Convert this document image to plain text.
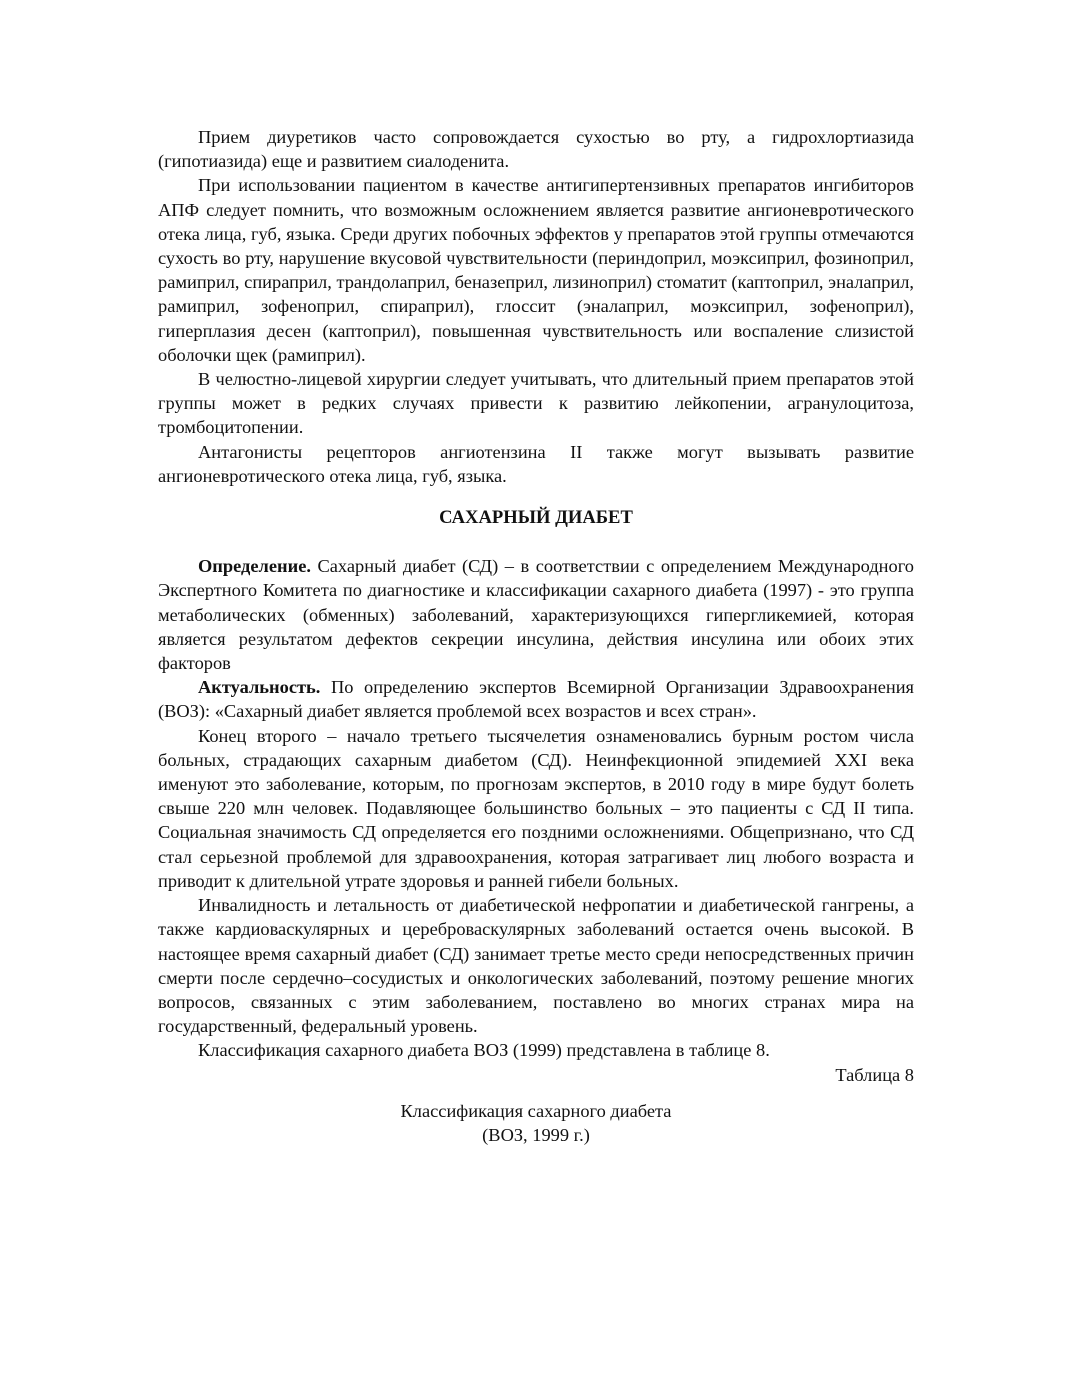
Прием диуретиков часто сопровождается сухостью во рту, а гидрохлортиазида (гипотиазида) еще и развитием сиалоденита.

При использовании пациентом в качестве антигипертензивных препаратов ингибиторов АПФ следует помнить, что возможным осложнением является развитие ангионевротического отека лица, губ, языка. Среди других побочных эффектов у препаратов этой группы отмечаются сухость во рту, нарушение вкусовой чувствительности (периндоприл, моэксиприл, фозиноприл, рамиприл, спираприл, трандолаприл, беназеприл, лизиноприл) стоматит (каптоприл, эналаприл, рамиприл, зофеноприл, спираприл), глоссит (эналаприл, моэксиприл, зофеноприл), гиперплазия десен (каптоприл), повышенная чувствительность или воспаление слизистой оболочки щек (рамиприл).

В челюстно-лицевой хирургии следует учитывать, что длительный прием препаратов этой группы может в редких случаях привести к развитию лейкопении, агранулоцитоза, тромбоцитопении.

Антагонисты рецепторов ангиотензина II также могут вызывать развитие ангионевротического отека лица, губ, языка.

САХАРНЫЙ ДИАБЕТ

Определение. Сахарный диабет (СД) – в соответствии с определением Международного Экспертного Комитета по диагностике и классификации сахарного диабета (1997) - это группа метаболических (обменных) заболеваний, характеризующихся гипергликемией, которая является результатом дефектов секреции инсулина, действия инсулина или обоих этих факторов

Актуальность. По определению экспертов Всемирной Организации Здравоохранения (ВОЗ): «Сахарный диабет является проблемой всех возрастов и всех стран».

Конец второго – начало третьего тысячелетия ознаменовались бурным ростом числа больных, страдающих сахарным диабетом (СД). Неинфекционной эпидемией XXI века именуют это заболевание, которым, по прогнозам экспертов, в 2010 году в мире будут болеть свыше 220 млн человек. Подавляющее большинство больных – это пациенты с СД II типа. Социальная значимость СД определяется его поздними осложнениями. Общепризнано, что СД стал серьезной проблемой для здравоохранения, которая затрагивает лиц любого возраста и приводит к длительной утрате здоровья и ранней гибели больных.

Инвалидность и летальность от диабетической нефропатии и диабетической гангрены, а также кардиоваскулярных и цереброваскулярных заболеваний остается очень высокой. В настоящее время сахарный диабет (СД) занимает третье место среди непосредственных причин смерти после сердечно–сосудистых и онкологических заболеваний, поэтому решение многих вопросов, связанных с этим заболеванием, поставлено во многих странах мира на государственный, федеральный уровень.

Классификация сахарного диабета ВОЗ (1999) представлена в таблице 8.

Таблица 8

Классификация сахарного диабета
(ВОЗ, 1999 г.)
